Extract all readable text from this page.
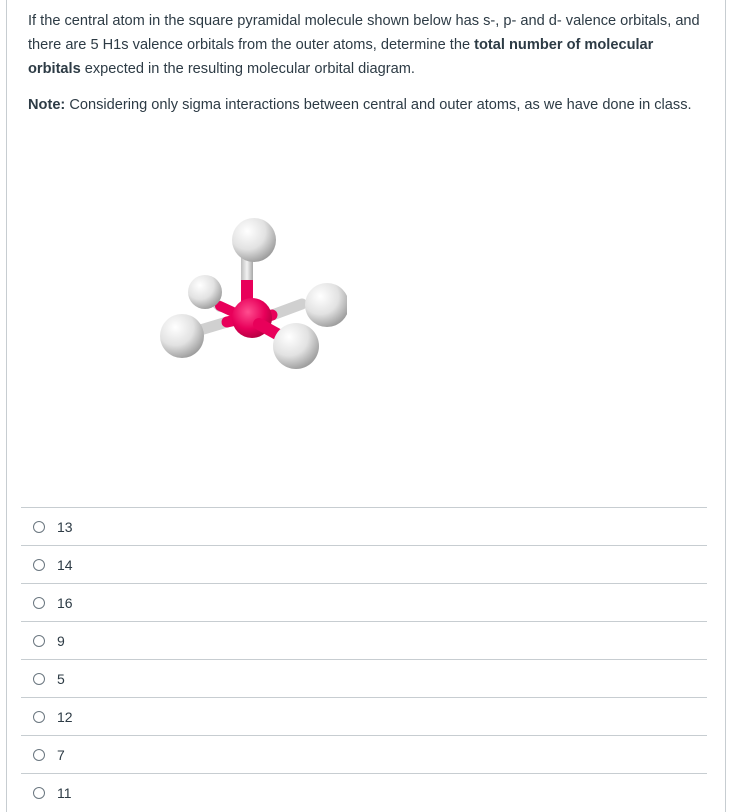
If the central atom in the square pyramidal molecule shown below has s-, p- and d- valence orbitals, and there are 5 H1s valence orbitals from the outer atoms, determine the total number of molecular orbitals expected in the resulting molecular orbital diagram.

Note: Considering only sigma interactions between central and outer atoms, as we have done in class.

13
14
16
9
5
12
7
11
